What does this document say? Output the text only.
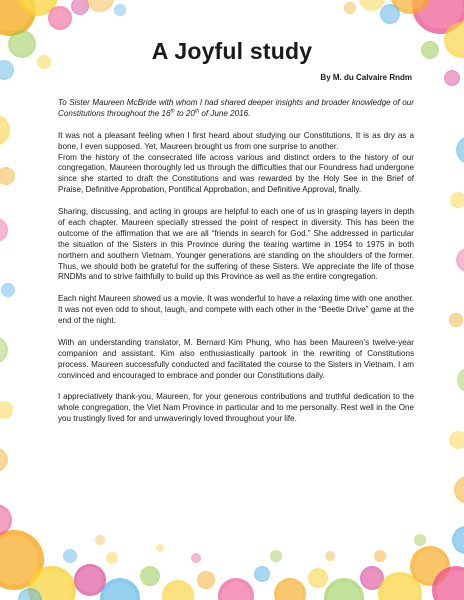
A Joyful study
By M. du Calvaire Rndm

To Sister Maureen McBride with whom I had shared deeper insights and broader knowledge of our Constitutions throughout the 16th to 20th of June 2016.

It was not a pleasant feeling when I first heard about studying our Constitutions. It is as dry as a bone, I even supposed. Yet, Maureen brought us from one surprise to another.

From the history of the consecrated life across various and distinct orders to the history of our congregation, Maureen thoroughly led us through the difficulties that our Foundress had undergone since she started to draft the Constitutions and was rewarded by the Holy See in the Brief of Praise, Definitive Approbation, Pontifical Approbation, and Definitive Approval, finally.

Sharing, discussing, and acting in groups are helpful to each one of us in grasping layers in depth of each chapter. Maureen specially stressed the point of respect in diversity. This has been the outcome of the affirmation that we are all “friends in search for God.” She addressed in particular the situation of the Sisters in this Province during the tearing wartime in 1954 to 1975 in both northern and southern Vietnam. Younger generations are standing on the shoulders of the former. Thus, we should both be grateful for the suffering of these Sisters. We appreciate the life of those RNDMs and to strive faithfully to build up this Province as well as the entire congregation.

Each night Maureen showed us a movie. It was wonderful to have a relaxing time with one another. It was not even odd to shout, laugh, and compete with each other in the “Beetle Drive” game at the end of the night.

With an understanding translator, M. Bernard Kim Phung, who has been Maureen’s twelve-year companion and assistant. Kim also enthusiastically partook in the rewriting of Constitutions process. Maureen successfully conducted and facilitated the course to the Sisters in Vietnam. I am convinced and encouraged to embrace and ponder our Constitutions daily.

I appreciatively thank-you, Maureen, for your generous contributions and truthful dedication to the whole congregation, the Viet Nam Province in particular and to me personally. Rest well in the One you trustingly lived for and unwaveringly loved throughout your life.
